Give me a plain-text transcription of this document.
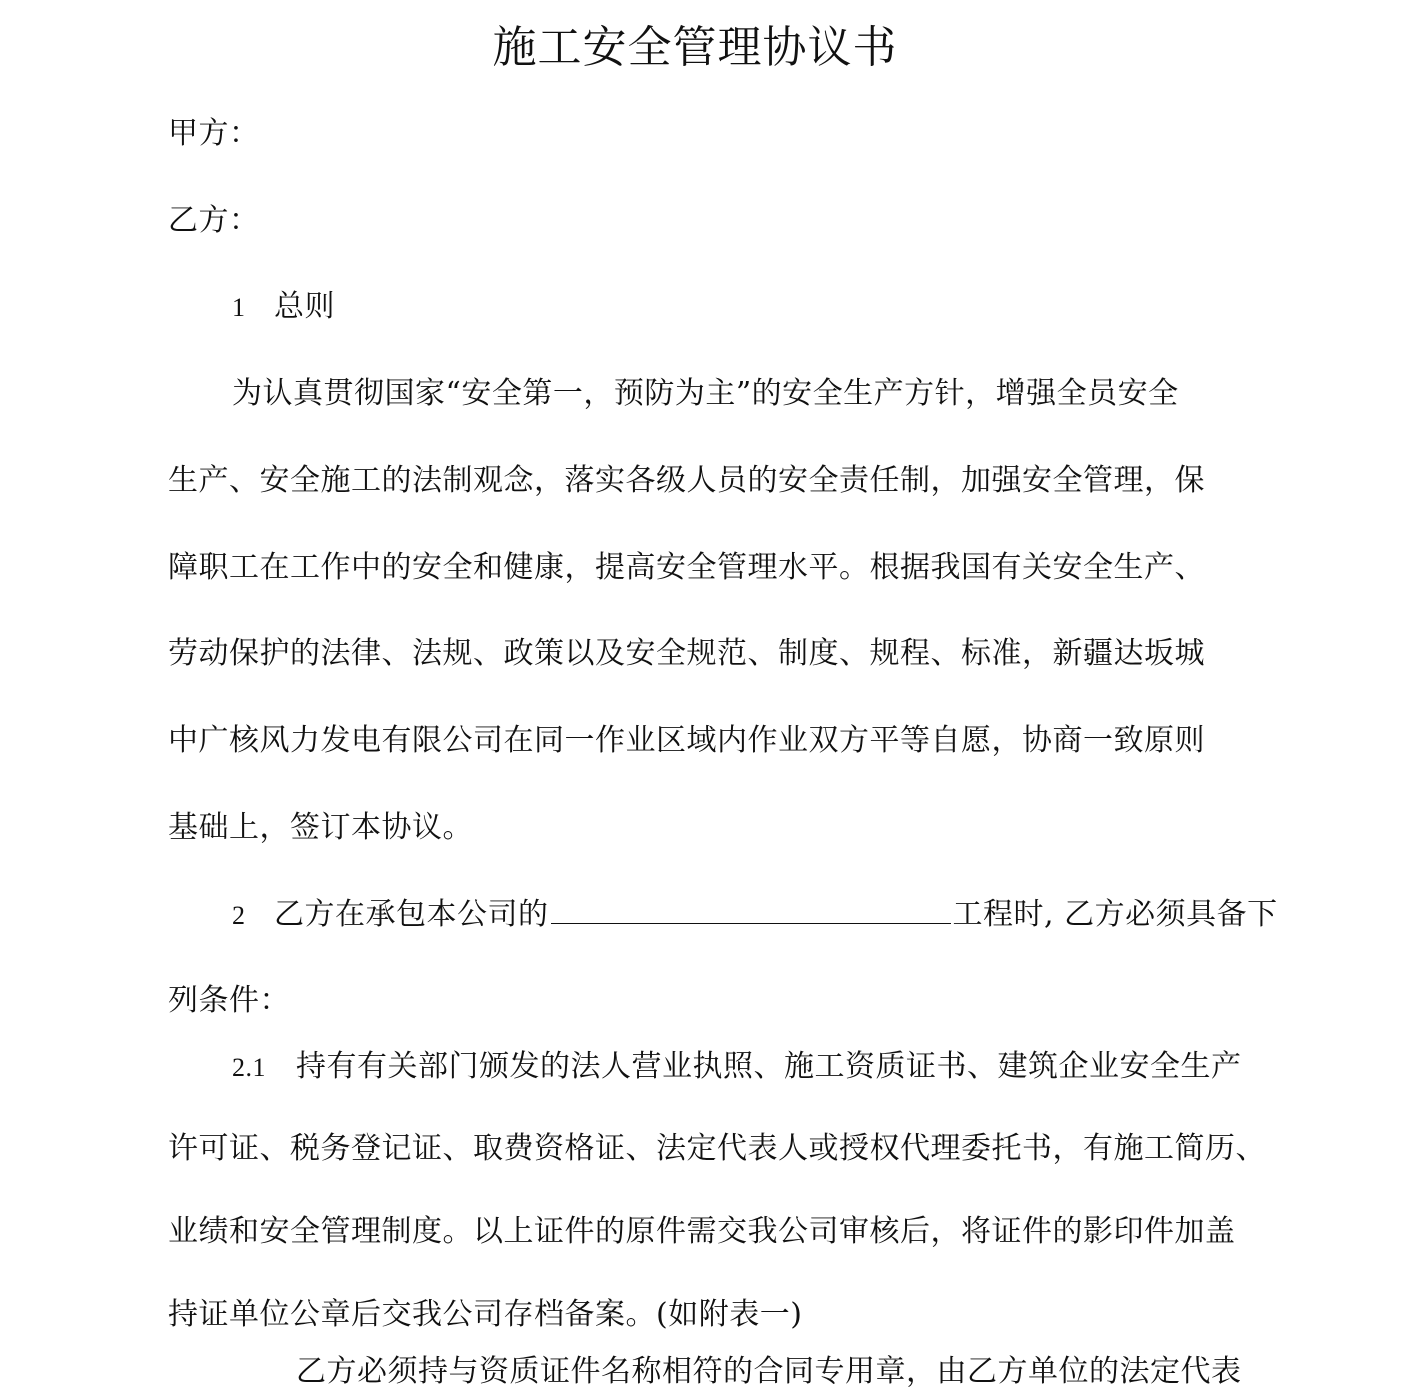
施工安全管理协议书
甲方：
乙方：
1 总则
为认真贯彻国家“安全第一，预防为主”的安全生产方针，增强全员安全
生产、安全施工的法制观念，落实各级人员的安全责任制，加强安全管理，保
障职工在工作中的安全和健康，提高安全管理水平。根据我国有关安全生产、
劳动保护的法律、法规、政策以及安全规范、制度、规程、标准，新疆达坂城
中广核风力发电有限公司在同一作业区域内作业双方平等自愿，协商一致原则
基础上，签订本协议。
2 乙方在承包本公司的	工程时, 乙方必须具备下
列条件：
2.1 持有有关部门颁发的法人营业执照、施工资质证书、建筑企业安全生产
许可证、税务登记证、取费资格证、法定代表人或授权代理委托书，有施工简历、
业绩和安全管理制度。以上证件的原件需交我公司审核后，将证件的影印件加盖
持证单位公章后交我公司存档备案。(如附表一)
乙方必须持与资质证件名称相符的合同专用章，由乙方单位的法定代表
